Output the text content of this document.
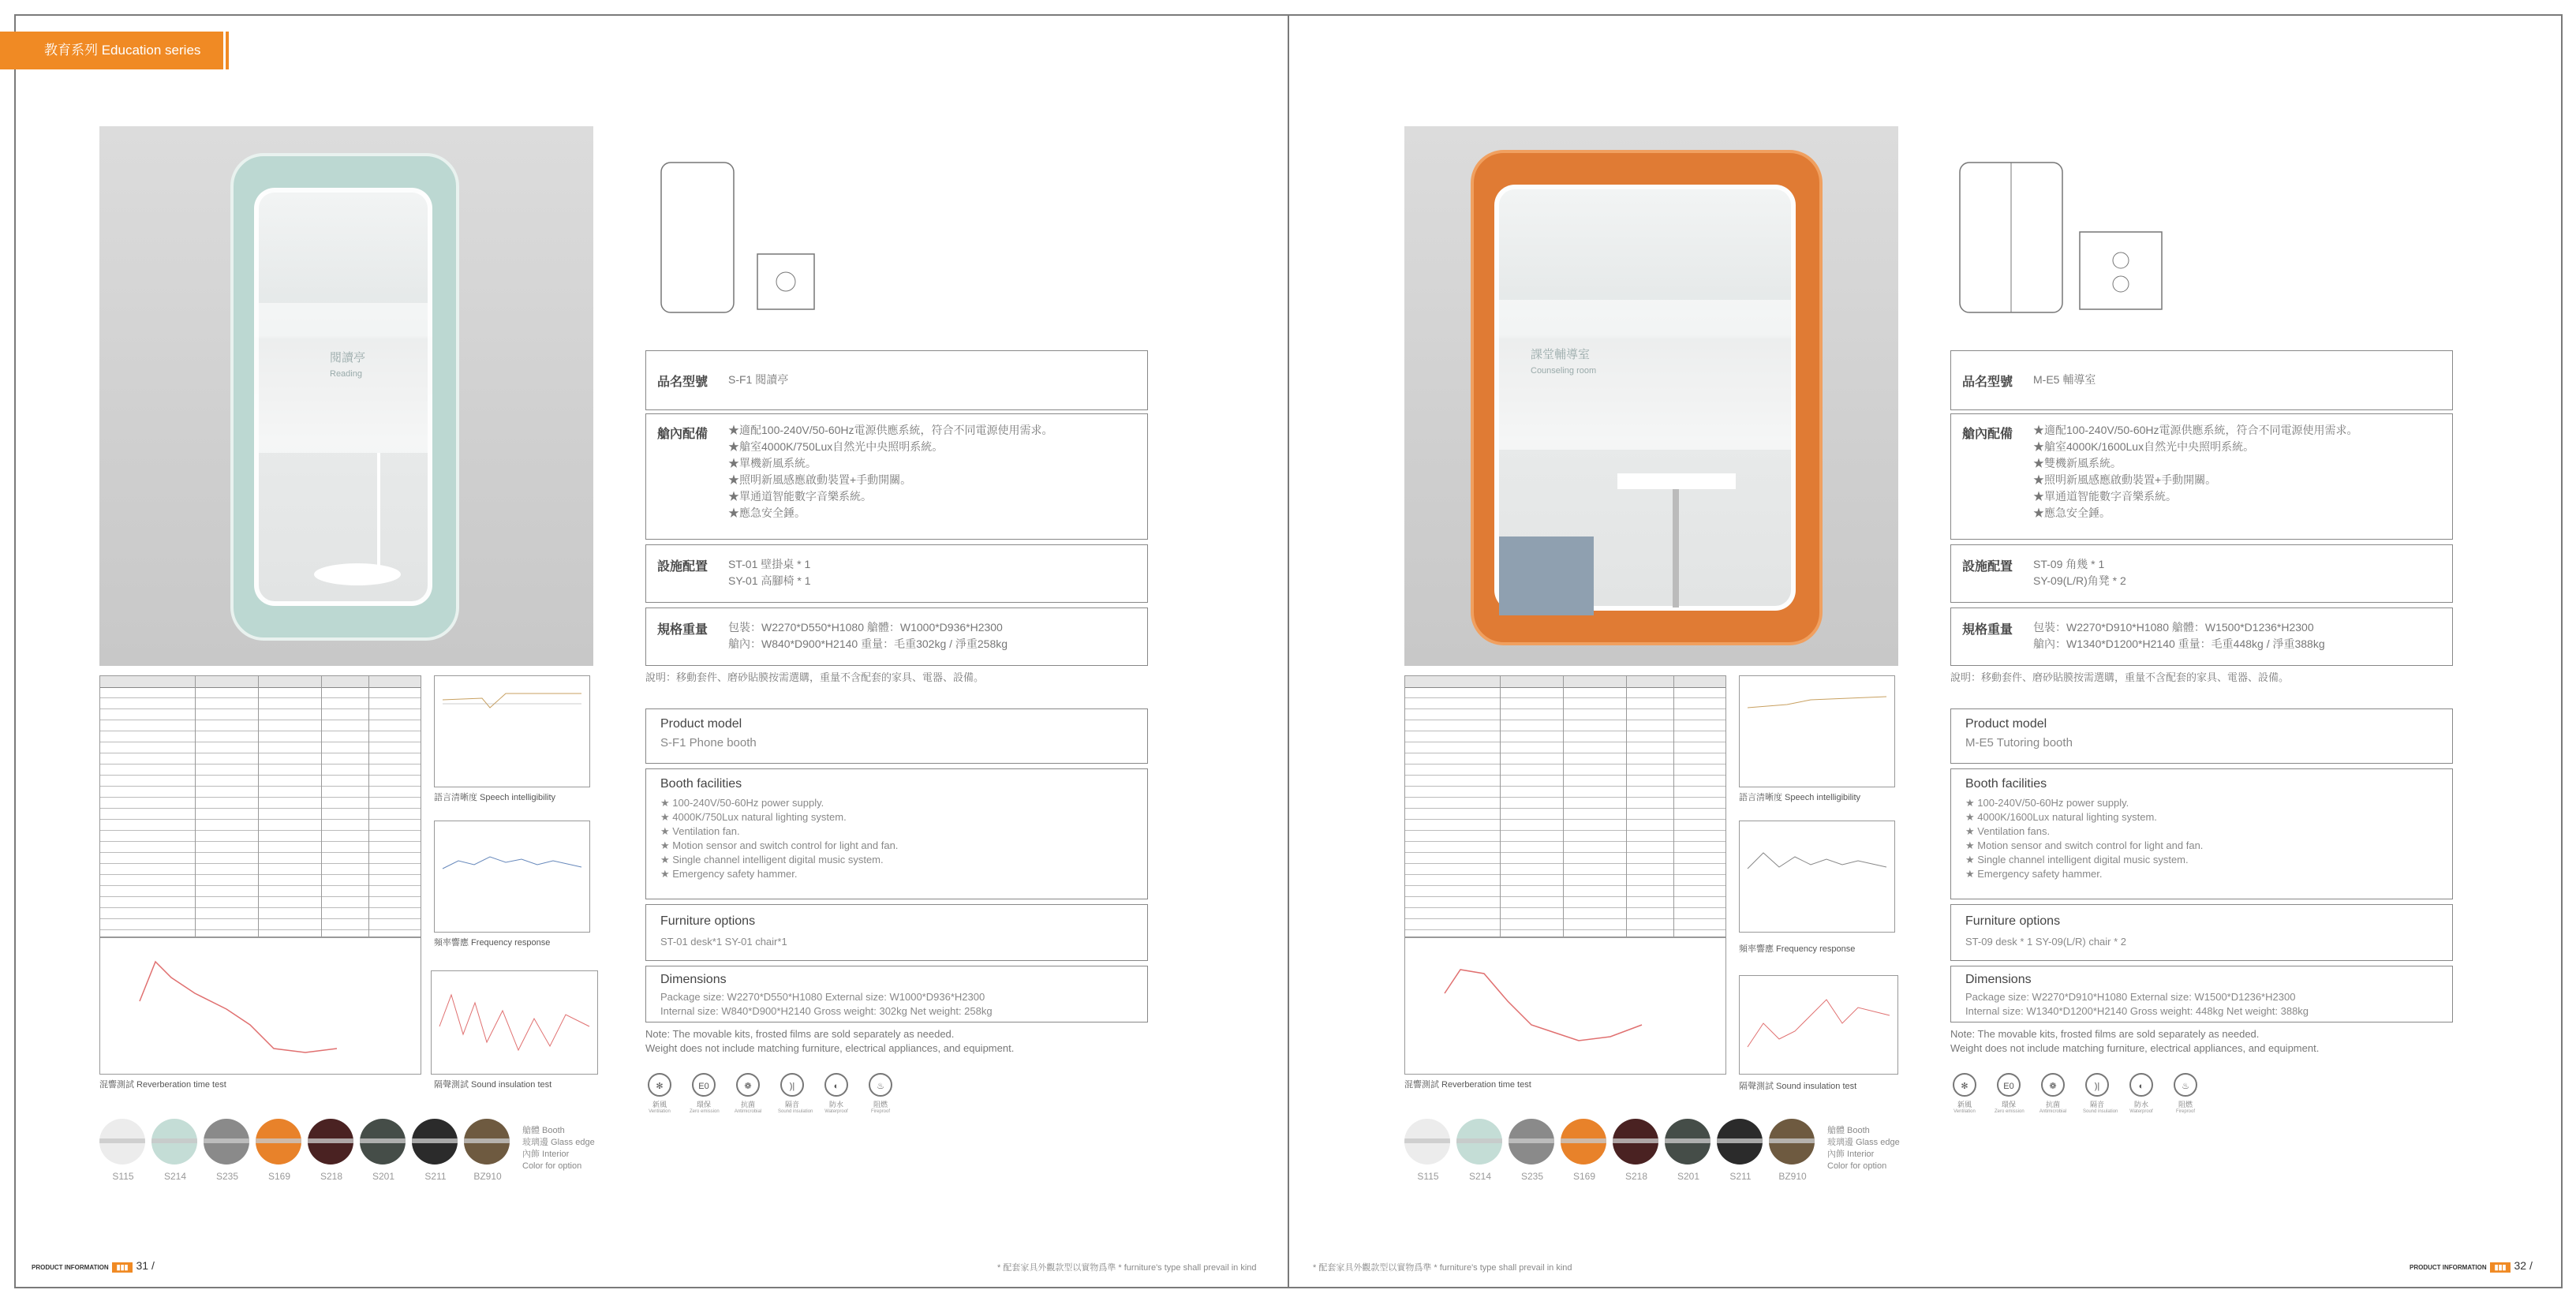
教育系列 Education series
閱讀亭
Reading
語言清晰度 Speech intelligibility
頻率響應 Frequency response
混響測試 Reverberation time test	隔聲測試 Sound insulation test
品名型號 S-F1 閱讀亭
艙內配備 ★適配100-240V/50-60Hz電源供應系統，符合不同電源使用需求。
★艙室4000K/750Lux自然光中央照明系統。
★單機新風系統。
★照明新風感應啟動裝置+手動開關。
★單通道智能數字音樂系統。
★應急安全錘。
設施配置 ST-01 壁掛桌 * 1
SY-01 高腳椅 * 1
規格重量 包裝：W2270*D550*H1080 艙體：W1000*D936*H2300
艙內：W840*D900*H2140 重量：毛重302kg / 淨重258kg
說明：移動套件、磨砂貼膜按需選購，重量不含配套的家具、電器、設備。
Product model
S-F1 Phone booth
Booth facilities
★ 100-240V/50-60Hz power supply.
★ 4000K/750Lux natural lighting system.
★ Ventilation fan.
★ Motion sensor and switch control for light and fan.
★ Single channel intelligent digital music system.
★ Emergency safety hammer.
Furniture options
ST-01 desk*1 SY-01 chair*1
Dimensions
Package size: W2270*D550*H1080 External size: W1000*D936*H2300
Internal size: W840*D900*H2140 Gross weight: 302kg Net weight: 258kg
Note: The movable kits, frosted films are sold separately as needed.
Weight does not include matching furniture, electrical appliances, and equipment.
✻
新風
Ventilation
E0
環保
Zero emission
❁
抗菌
Antimicrobial
)|
隔音
Sound insulation
◐
防水
Waterproof
♨
阻燃
Fireproof
S115	S214	S235	S169	S218	S201	S211	BZ910
艙體 Booth
玻璃邊 Glass edge
內飾 Interior
Color for option
PRODUCT INFORMATION ▮▮▮ 31 /	* 配套家具外觀款型以實物爲準 * furniture's type shall prevail in kind
課堂輔導室
Counseling room
語言清晰度 Speech intelligibility
頻率響應 Frequency response
混響測試 Reverberation time test	隔聲測試 Sound insulation test
品名型號 M-E5 輔導室
艙內配備 ★適配100-240V/50-60Hz電源供應系統，符合不同電源使用需求。
★艙室4000K/1600Lux自然光中央照明系統。
★雙機新風系統。
★照明新風感應啟動裝置+手動開關。
★單通道智能數字音樂系統。
★應急安全錘。
設施配置 ST-09 角幾 * 1
SY-09(L/R)角凳 * 2
規格重量 包裝：W2270*D910*H1080 艙體：W1500*D1236*H2300
艙內：W1340*D1200*H2140 重量：毛重448kg / 淨重388kg
說明：移動套件、磨砂貼膜按需選購，重量不含配套的家具、電器、設備。
Product model
M-E5 Tutoring booth
Booth facilities
★ 100-240V/50-60Hz power supply.
★ 4000K/1600Lux natural lighting system.
★ Ventilation fans.
★ Motion sensor and switch control for light and fan.
★ Single channel intelligent digital music system.
★ Emergency safety hammer.
Furniture options
ST-09 desk * 1 SY-09(L/R) chair * 2
Dimensions
Package size: W2270*D910*H1080 External size: W1500*D1236*H2300
Internal size: W1340*D1200*H2140 Gross weight: 448kg Net weight: 388kg
Note: The movable kits, frosted films are sold separately as needed.
Weight does not include matching furniture, electrical appliances, and equipment.
✻
新風
Ventilation
E0
環保
Zero emission
❁
抗菌
Antimicrobial
)|
隔音
Sound insulation
◐
防水
Waterproof
♨
阻燃
Fireproof
S115	S214	S235	S169	S218	S201	S211	BZ910
艙體 Booth
玻璃邊 Glass edge
內飾 Interior
Color for option
* 配套家具外觀款型以實物爲準 * furniture's type shall prevail in kind	PRODUCT INFORMATION ▮▮▮ 32 /
